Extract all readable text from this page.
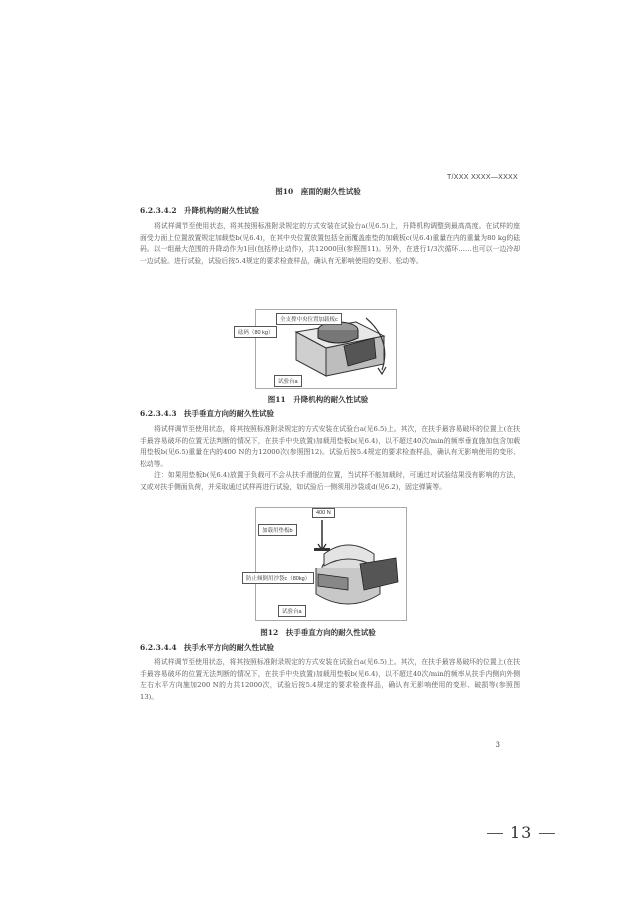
T/XXX XXXX—XXXX
图10　座面的耐久性试验
6.2.3.4.2　升降机构的耐久性试验
将试样调节至使用状态，将其按照标准附录规定的方式安装在试验台a(见6.5)上，升降机构调整到最高高度。在试样的座面受力面上位置放置规定加载垫b(见6.4)，在其中央位置放置包括全面覆盖座垫的加载板c(见6.4)重量在内的重量为80 kg的砝码。以一组最大范围的升降动作为1回(包括停止动作)，共12000回(参照图11)。另外，在进行1/3次循环……也可以一边冷却一边试验。进行试验，试验后按5.4规定的要求检查样品，确认有无影响使用的变形、松动等。
全支撑中央位置加载板c
砝码（80 kg）
试验台a
图11　升降机构的耐久性试验
6.2.3.4.3　扶手垂直方向的耐久性试验
将试样调节至使用状态，将其按照标准附录规定的方式安装在试验台a(见6.5)上。其次，在扶手最容易破坏的位置上(在扶手最容易破坏的位置无法判断的情况下，在扶手中央放置)加载用垫板b(见6.4)，以不超过40次/min的频率垂直施加包含加载用垫板b(见6.5)重量在内的400 N的力12000次(参照图12)。试验后按5.4规定的要求检查样品，确认有无影响使用的变形、松动等。
注：如果用垫板b(见6.4)放置于负载可不会从扶手滑脱的位置，当试样不能加载时，可通过对试验结果没有影响的方法，又或对扶手侧面负荷，并采取通过试样再进行试验，如试验后一侧须用沙袋或d(见6.2)，固定弹簧等。
400 N
加载用垫板b
防止倾倒用沙袋c（80kg）
试验台a
图12　扶手垂直方向的耐久性试验
6.2.3.4.4　扶手水平方向的耐久性试验
将试样调节至使用状态，将其按照标准附录规定的方式安装在试验台a(见6.5)上。其次，在扶手最容易破坏的位置上(在扶手最容易破坏的位置无法判断的情况下，在扶手中央放置)加载用垫板b(见6.4)，以不超过40次/min的频率从扶手内侧向外侧左右水平方向施加200 N的力共12000次，试验后按5.4规定的要求检查样品，确认有无影响使用的变形、破损等(参照图13)。
3
13
